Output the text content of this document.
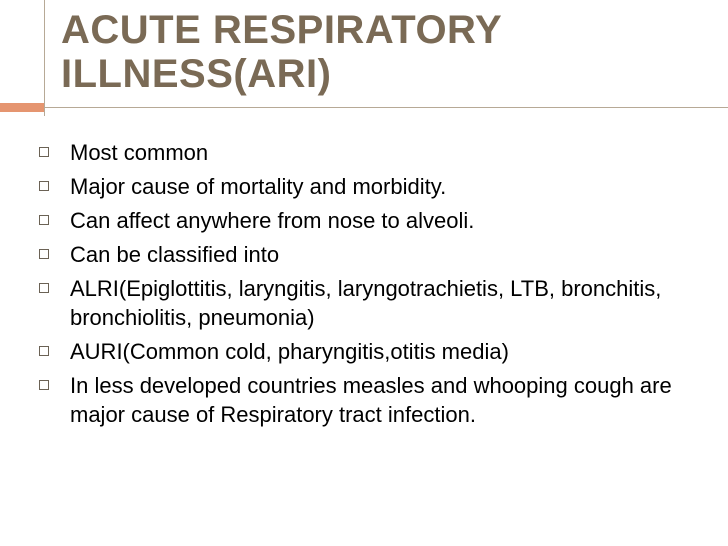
ACUTE RESPIRATORY
ILLNESS(ARI)
Most common
Major cause of mortality and morbidity.
Can affect anywhere from nose to alveoli.
Can be classified into
ALRI(Epiglottitis, laryngitis, laryngotrachietis, LTB, bronchitis, bronchiolitis, pneumonia)
AURI(Common cold, pharyngitis,otitis media)
In less developed countries measles and whooping cough are major cause of Respiratory tract infection.
